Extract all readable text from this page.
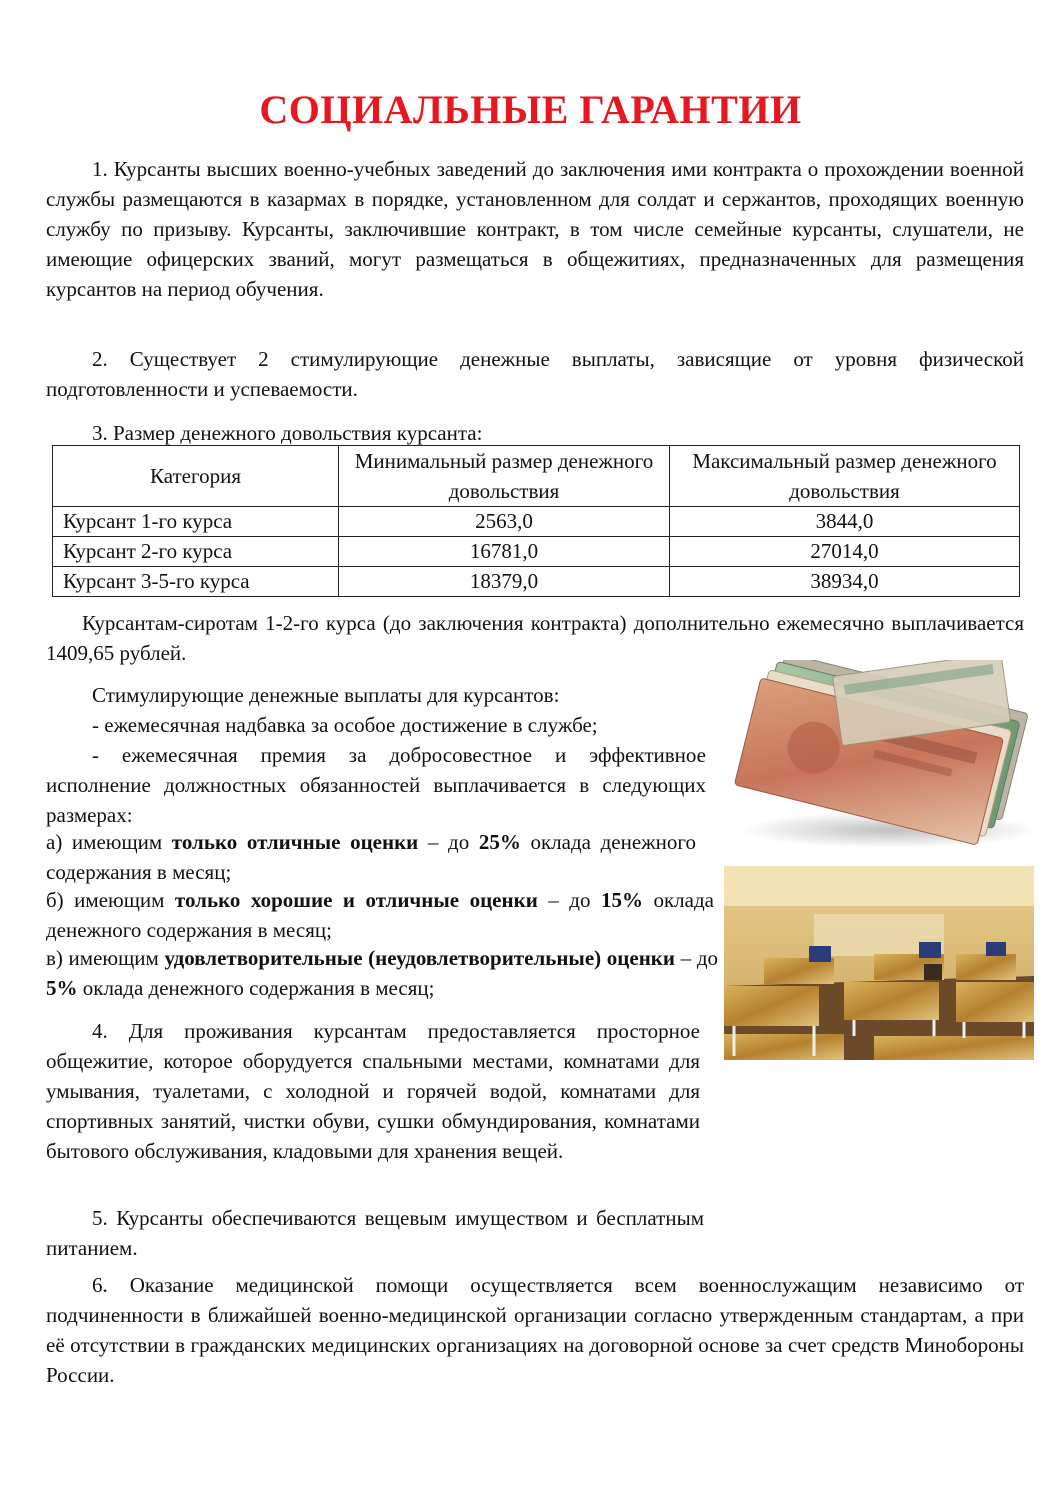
СОЦИАЛЬНЫЕ ГАРАНТИИ
1. Курсанты высших военно-учебных заведений до заключения ими контракта о прохождении военной службы размещаются в казармах в порядке, установленном для солдат и сержантов, проходящих военную службу по призыву. Курсанты, заключившие контракт, в том числе семейные курсанты, слушатели, не имеющие офицерских званий, могут размещаться в общежитиях, предназначенных для размещения курсантов на период обучения.
2. Существует 2 стимулирующие денежные выплаты, зависящие от уровня физической подготовленности и успеваемости.
3. Размер денежного довольствия курсанта:
Категория	Минимальный размер денежного довольствия	Максимальный размер денежного довольствия
Курсант 1-го курса	2563,0	3844,0
Курсант 2-го курса	16781,0	27014,0
Курсант 3-5-го курса	18379,0	38934,0
Курсантам-сиротам 1-2-го курса (до заключения контракта) дополнительно ежемесячно выплачивается 1409,65 рублей.
Стимулирующие денежные выплаты для курсантов:
- ежемесячная надбавка за особое достижение в службе;
- ежемесячная премия за добросовестное и эффективное исполнение должностных обязанностей выплачивается в следующих размерах:
а) имеющим только отличные оценки – до 25% оклада денежного содержания в месяц;
б) имеющим только хорошие и отличные оценки – до 15% оклада денежного содержания в месяц;
в) имеющим удовлетворительные (неудовлетворительные) оценки – до 5% оклада денежного содержания в месяц;
4. Для проживания курсантам предоставляется просторное общежитие, которое оборудуется спальными местами, комнатами для умывания, туалетами, с холодной и горячей водой, комнатами для спортивных занятий, чистки обуви, сушки обмундирования, комнатами бытового обслуживания, кладовыми для хранения вещей.
5. Курсанты обеспечиваются вещевым имуществом и бесплатным питанием.
6. Оказание медицинской помощи осуществляется всем военнослужащим независимо от подчиненности в ближайшей военно-медицинской организации согласно утвержденным стандартам, а при её отсутствии в гражданских медицинских организациях на договорной основе за счет средств Минобороны России.
